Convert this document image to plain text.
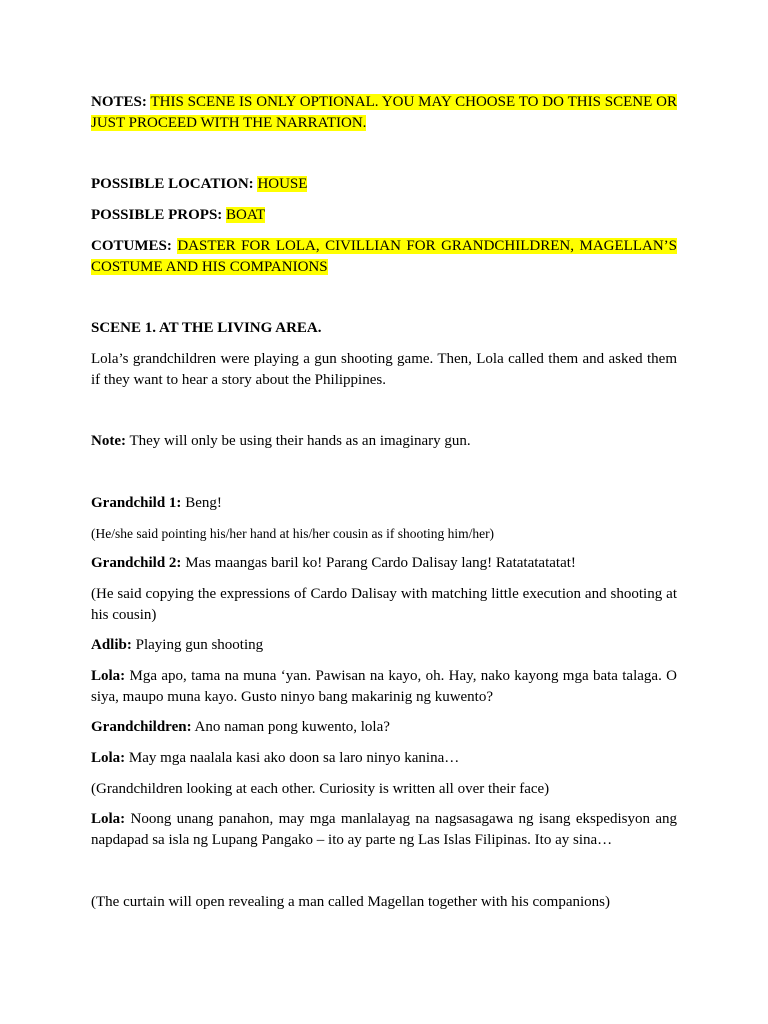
NOTES: THIS SCENE IS ONLY OPTIONAL. YOU MAY CHOOSE TO DO THIS SCENE OR JUST PROCEED WITH THE NARRATION.

POSSIBLE LOCATION: HOUSE

POSSIBLE PROPS: BOAT

COTUMES: DASTER FOR LOLA, CIVILLIAN FOR GRANDCHILDREN, MAGELLAN’S COSTUME AND HIS COMPANIONS

SCENE 1. AT THE LIVING AREA.

Lola’s grandchildren were playing a gun shooting game. Then, Lola called them and asked them if they want to hear a story about the Philippines.

Note: They will only be using their hands as an imaginary gun.

Grandchild 1: Beng!

(He/she said pointing his/her hand at his/her cousin as if shooting him/her)

Grandchild 2: Mas maangas baril ko! Parang Cardo Dalisay lang! Ratatatatatat!

(He said copying the expressions of Cardo Dalisay with matching little execution and shooting at his cousin)

Adlib: Playing gun shooting

Lola: Mga apo, tama na muna ‘yan. Pawisan na kayo, oh. Hay, nako kayong mga bata talaga. O siya, maupo muna kayo. Gusto ninyo bang makarinig ng kuwento?

Grandchildren: Ano naman pong kuwento, lola?

Lola: May mga naalala kasi ako doon sa laro ninyo kanina…

(Grandchildren looking at each other. Curiosity is written all over their face)

Lola: Noong unang panahon, may mga manlalayag na nagsasagawa ng isang ekspedisyon ang napdapad sa isla ng Lupang Pangako – ito ay parte ng Las Islas Filipinas. Ito ay sina…

(The curtain will open revealing a man called Magellan together with his companions)
